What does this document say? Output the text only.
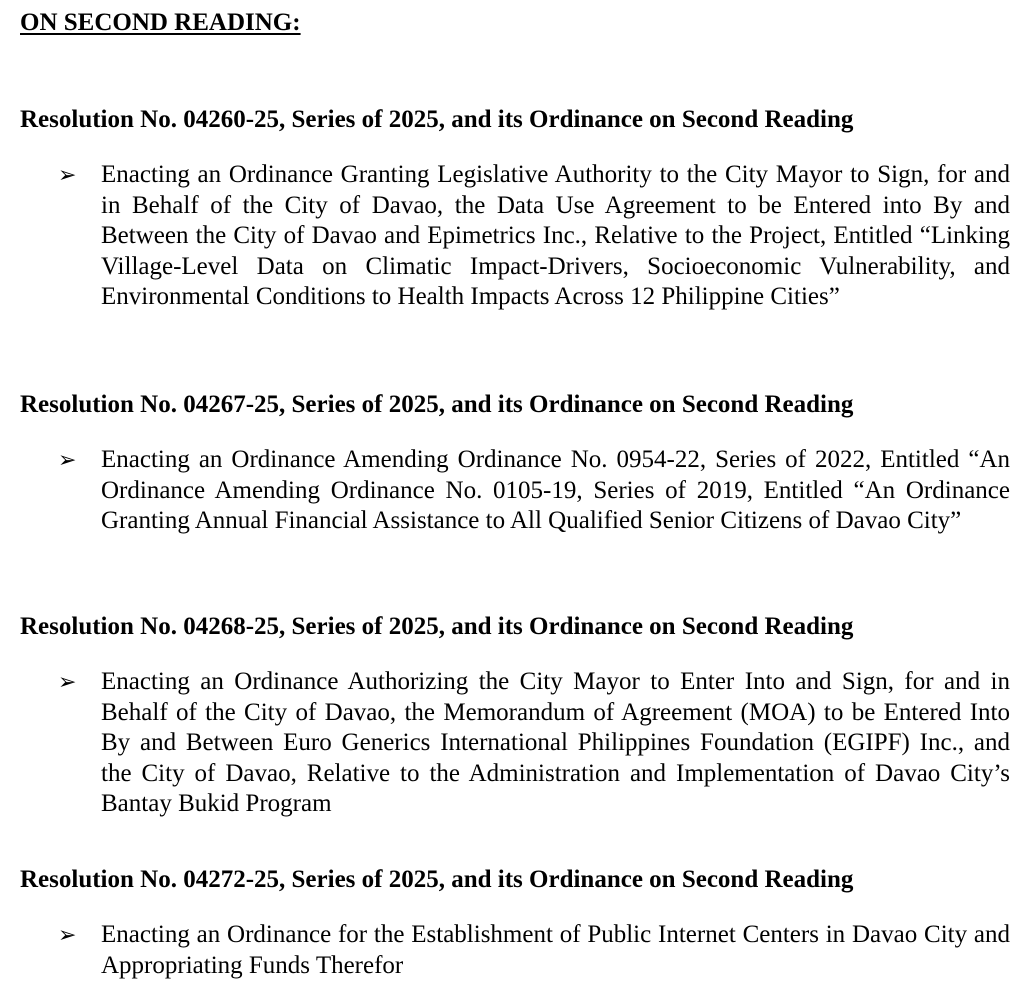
ON SECOND READING:
Resolution No. 04260-25, Series of 2025, and its Ordinance on Second Reading
➢ Enacting an Ordinance Granting Legislative Authority to the City Mayor to Sign, for and in Behalf of the City of Davao, the Data Use Agreement to be Entered into By and Between the City of Davao and Epimetrics Inc., Relative to the Project, Entitled “Linking Village-Level Data on Climatic Impact-Drivers, Socioeconomic Vulnerability, and Environmental Conditions to Health Impacts Across 12 Philippine Cities”

Resolution No. 04267-25, Series of 2025, and its Ordinance on Second Reading
➢ Enacting an Ordinance Amending Ordinance No. 0954-22, Series of 2022, Entitled “An Ordinance Amending Ordinance No. 0105-19, Series of 2019, Entitled “An Ordinance Granting Annual Financial Assistance to All Qualified Senior Citizens of Davao City”

Resolution No. 04268-25, Series of 2025, and its Ordinance on Second Reading
➢ Enacting an Ordinance Authorizing the City Mayor to Enter Into and Sign, for and in Behalf of the City of Davao, the Memorandum of Agreement (MOA) to be Entered Into By and Between Euro Generics International Philippines Foundation (EGIPF) Inc., and the City of Davao, Relative to the Administration and Implementation of Davao City’s Bantay Bukid Program

Resolution No. 04272-25, Series of 2025, and its Ordinance on Second Reading
➢ Enacting an Ordinance for the Establishment of Public Internet Centers in Davao City and Appropriating Funds Therefor
